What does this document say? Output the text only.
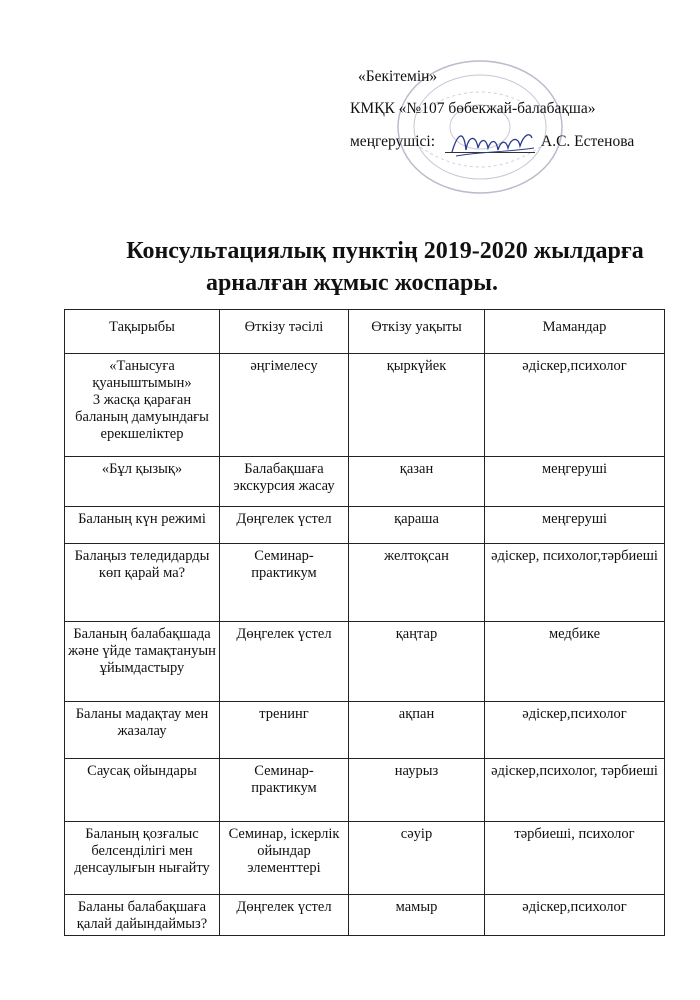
«Бекітемін»
КМҚК «№107 бөбекжай-балабақша»
меңгерушісі:	А.С. Естенова
Консультациялық пунктің 2019-2020 жылдарға
арналған жұмыс жоспары.
Тақырыбы	Өткізу тәсілі	Өткізу уақыты	Мамандар
«Танысуға қуаныштымын»
3 жасқа қараған баланың дамуындағы ерекшеліктер	әңгімелесу	қыркүйек	әдіскер,психолог
«Бұл қызық»	Балабақшаға экскурсия жасау	қазан	меңгеруші
Баланың күн режимі	Дөңгелек үстел	қараша	меңгеруші
Балаңыз теледидарды көп қарай ма?	Семинар-практикум	желтоқсан	әдіскер, психолог,тәрбиеші
Баланың балабақшада және үйде тамақтануын ұйымдастыру	Дөңгелек үстел	қаңтар	медбике
Баланы мадақтау мен жазалау	тренинг	ақпан	әдіскер,психолог
Саусақ ойындары	Семинар-практикум	наурыз	әдіскер,психолог, тәрбиеші
Баланың қозғалыс белсенділігі мен денсаулығын нығайту	Семинар, іскерлік ойындар элементтері	сәуір	тәрбиеші, психолог
Баланы балабақшаға қалай дайындаймыз?	Дөңгелек үстел	мамыр	әдіскер,психолог
